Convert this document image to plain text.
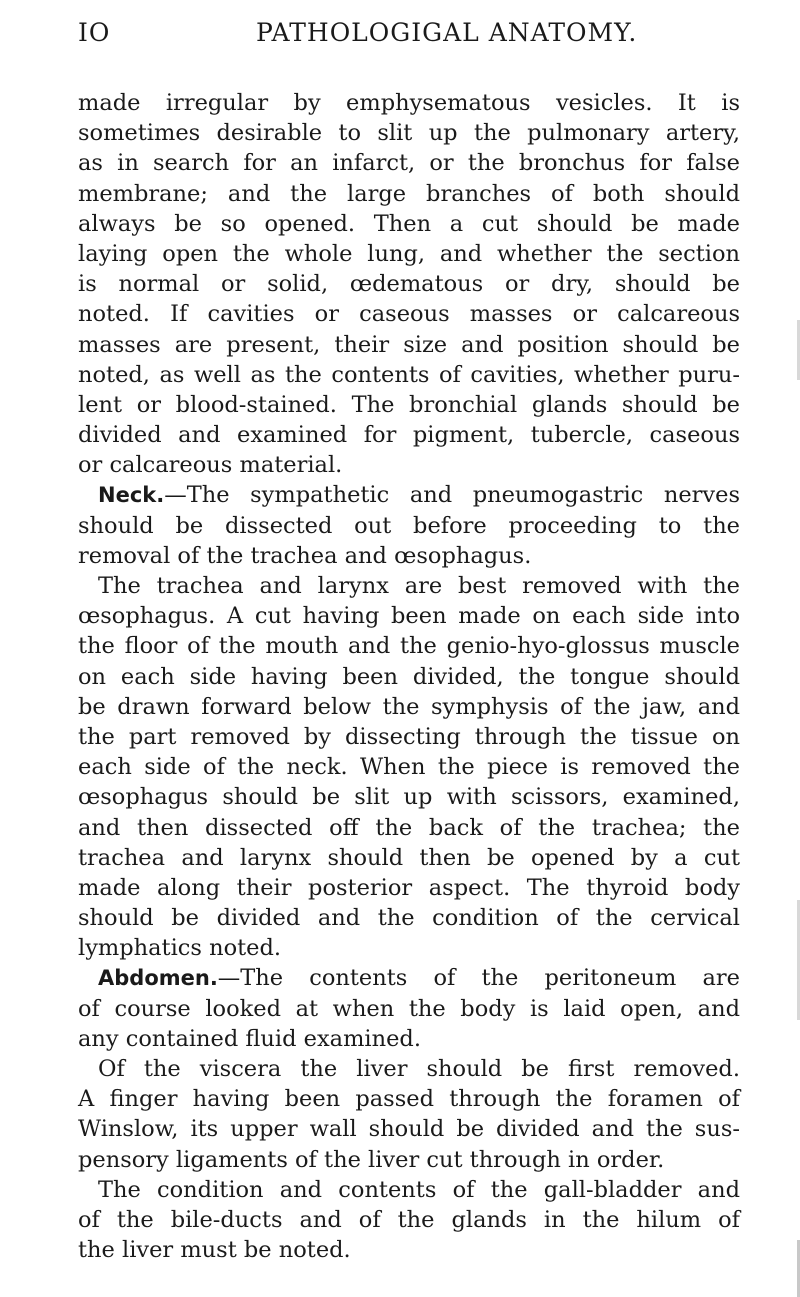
IO	PATHOLOGIGAL ANATOMY.
made irregular by emphysematous vesicles. It is
sometimes desirable to slit up the pulmonary artery,
as in search for an infarct, or the bronchus for false
membrane; and the large branches of both should
always be so opened. Then a cut should be made
laying open the whole lung, and whether the section
is normal or solid, œdematous or dry, should be
noted. If cavities or caseous masses or calcareous
masses are present, their size and position should be
noted, as well as the contents of cavities, whether puru-
lent or blood-stained. The bronchial glands should be
divided and examined for pigment, tubercle, caseous
or calcareous material.
Neck.—The sympathetic and pneumogastric nerves
should be dissected out before proceeding to the
removal of the trachea and œsophagus.
The trachea and larynx are best removed with the
œsophagus. A cut having been made on each side into
the floor of the mouth and the genio-hyo-glossus muscle
on each side having been divided, the tongue should
be drawn forward below the symphysis of the jaw, and
the part removed by dissecting through the tissue on
each side of the neck. When the piece is removed the
œsophagus should be slit up with scissors, examined,
and then dissected off the back of the trachea; the
trachea and larynx should then be opened by a cut
made along their posterior aspect. The thyroid body
should be divided and the condition of the cervical
lymphatics noted.
Abdomen.—The contents of the peritoneum are
of course looked at when the body is laid open, and
any contained fluid examined.
Of the viscera the liver should be first removed.
A finger having been passed through the foramen of
Winslow, its upper wall should be divided and the sus-
pensory ligaments of the liver cut through in order.
The condition and contents of the gall-bladder and
of the bile-ducts and of the glands in the hilum of
the liver must be noted.
